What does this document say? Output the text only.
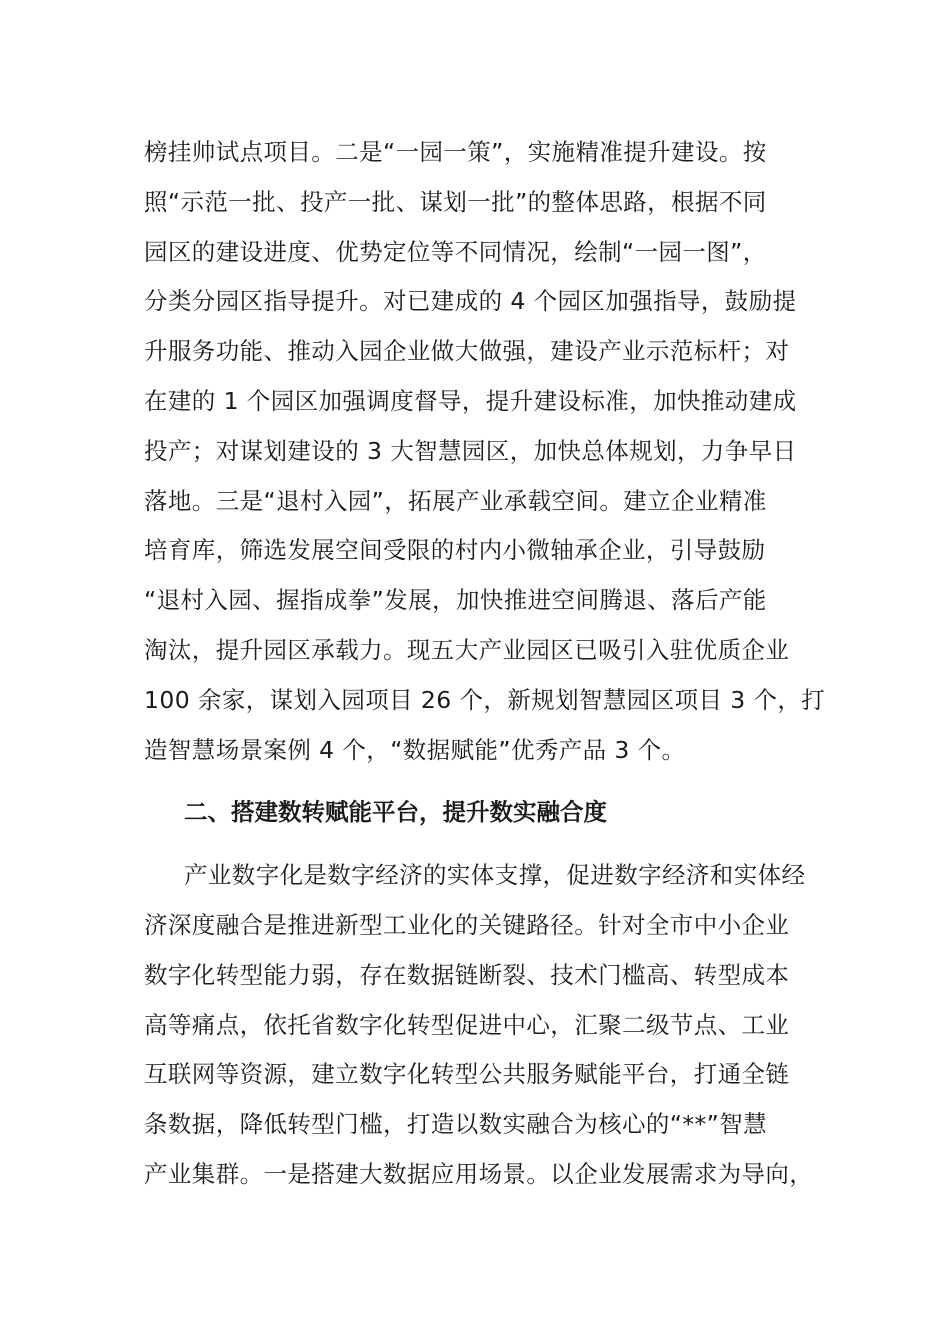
榜挂帅试点项目。二是“一园一策”，实施精准提升建设。按
照“示范一批、投产一批、谋划一批”的整体思路，根据不同
园区的建设进度、优势定位等不同情况，绘制“一园一图”，
分类分园区指导提升。对已建成的 4 个园区加强指导，鼓励提
升服务功能、推动入园企业做大做强，建设产业示范标杆；对
在建的 1 个园区加强调度督导，提升建设标准，加快推动建成
投产；对谋划建设的 3 大智慧园区，加快总体规划，力争早日
落地。三是“退村入园”，拓展产业承载空间。建立企业精准
培育库，筛选发展空间受限的村内小微轴承企业，引导鼓励
“退村入园、握指成拳”发展，加快推进空间腾退、落后产能
淘汰，提升园区承载力。现五大产业园区已吸引入驻优质企业
100 余家，谋划入园项目 26 个，新规划智慧园区项目 3 个，打
造智慧场景案例 4 个，“数据赋能”优秀产品 3 个。
二、搭建数转赋能平台，提升数实融合度
产业数字化是数字经济的实体支撑，促进数字经济和实体经
济深度融合是推进新型工业化的关键路径。针对全市中小企业
数字化转型能力弱，存在数据链断裂、技术门槛高、转型成本
高等痛点，依托省数字化转型促进中心，汇聚二级节点、工业
互联网等资源，建立数字化转型公共服务赋能平台，打通全链
条数据，降低转型门槛，打造以数实融合为核心的“**”智慧
产业集群。一是搭建大数据应用场景。以企业发展需求为导向，
